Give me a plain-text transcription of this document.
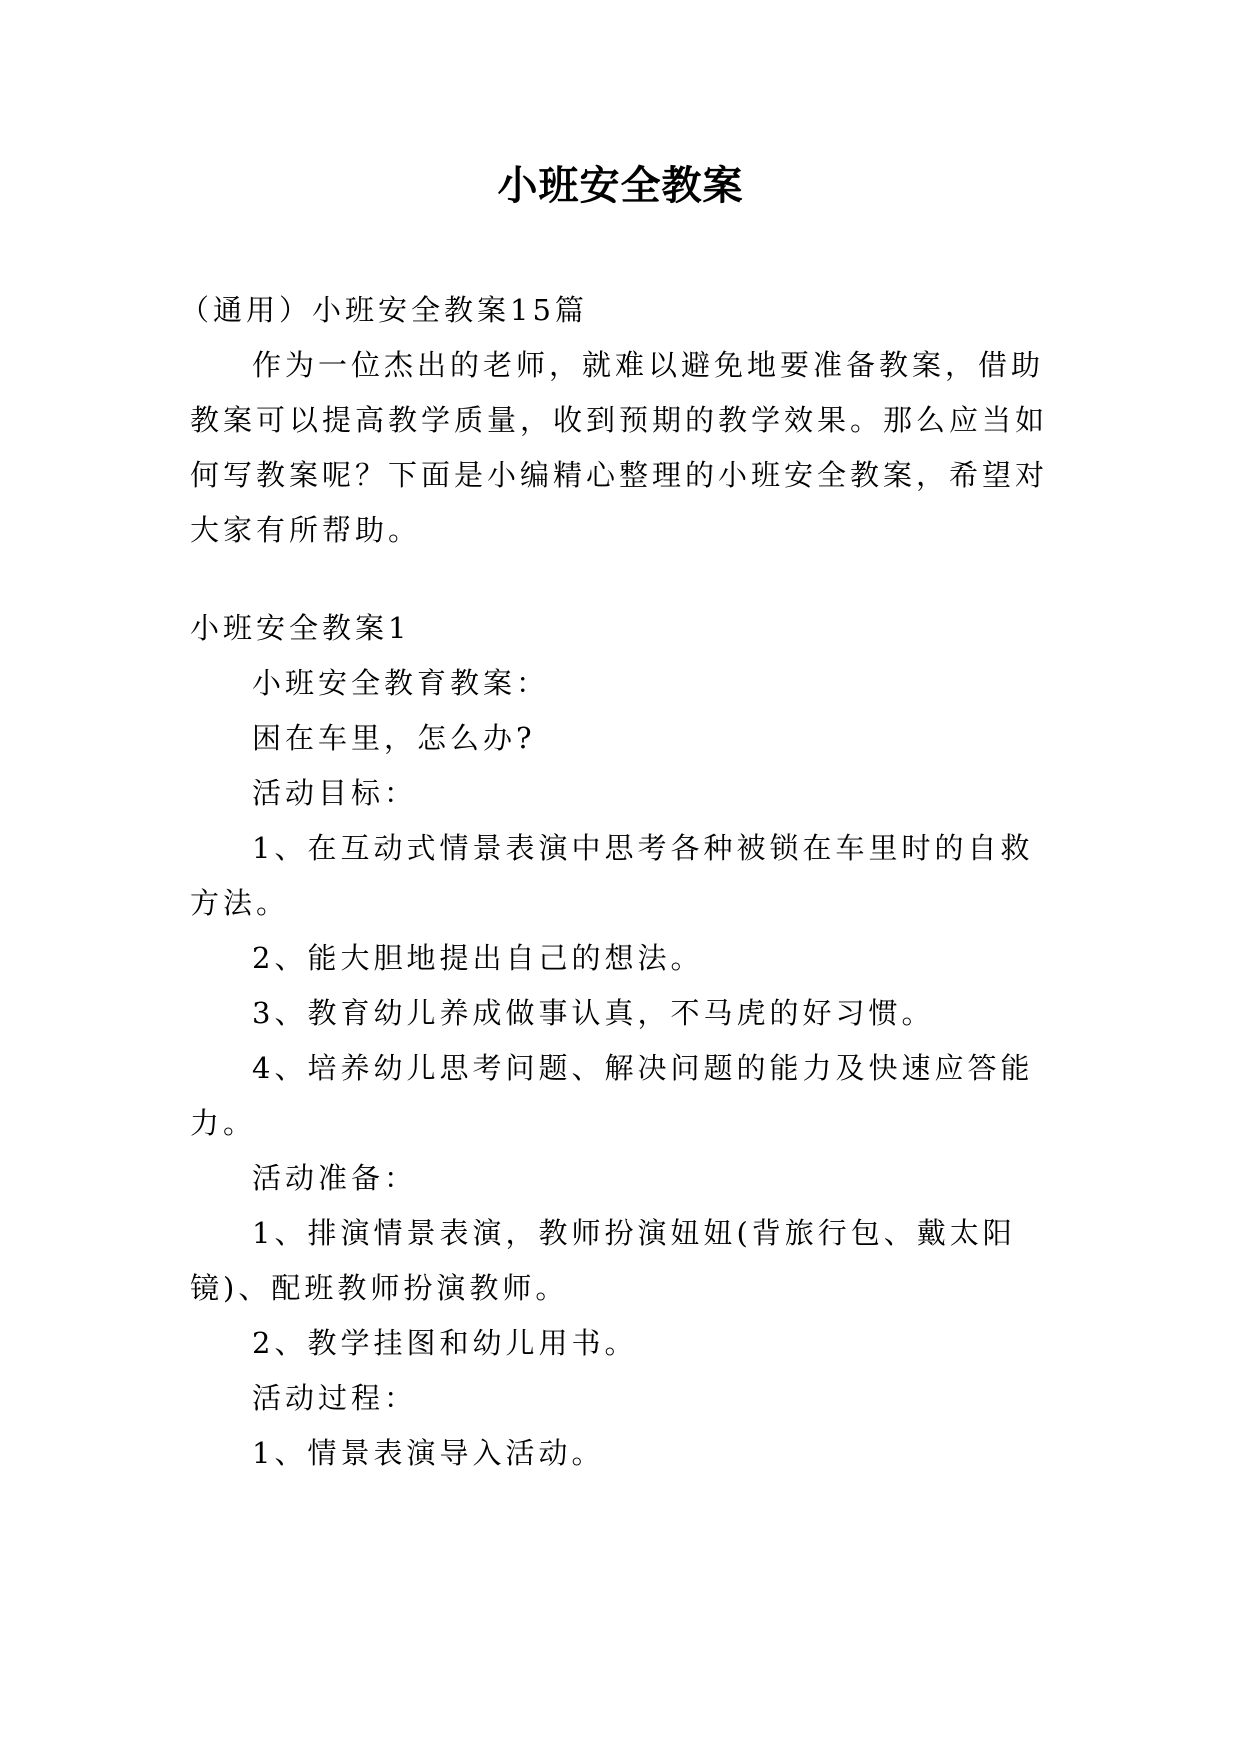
小班安全教案
（通用）小班安全教案15篇
作为一位杰出的老师，就难以避免地要准备教案，借助
教案可以提高教学质量，收到预期的教学效果。那么应当如
何写教案呢？下面是小编精心整理的小班安全教案，希望对
大家有所帮助。
小班安全教案1
小班安全教育教案：
困在车里，怎么办?
活动目标：
1、在互动式情景表演中思考各种被锁在车里时的自救
方法。
2、能大胆地提出自己的想法。
3、教育幼儿养成做事认真，不马虎的好习惯。
4、培养幼儿思考问题、解决问题的能力及快速应答能
力。
活动准备：
1、排演情景表演，教师扮演妞妞(背旅行包、戴太阳
镜)、配班教师扮演教师。
2、教学挂图和幼儿用书。
活动过程：
1、情景表演导入活动。
